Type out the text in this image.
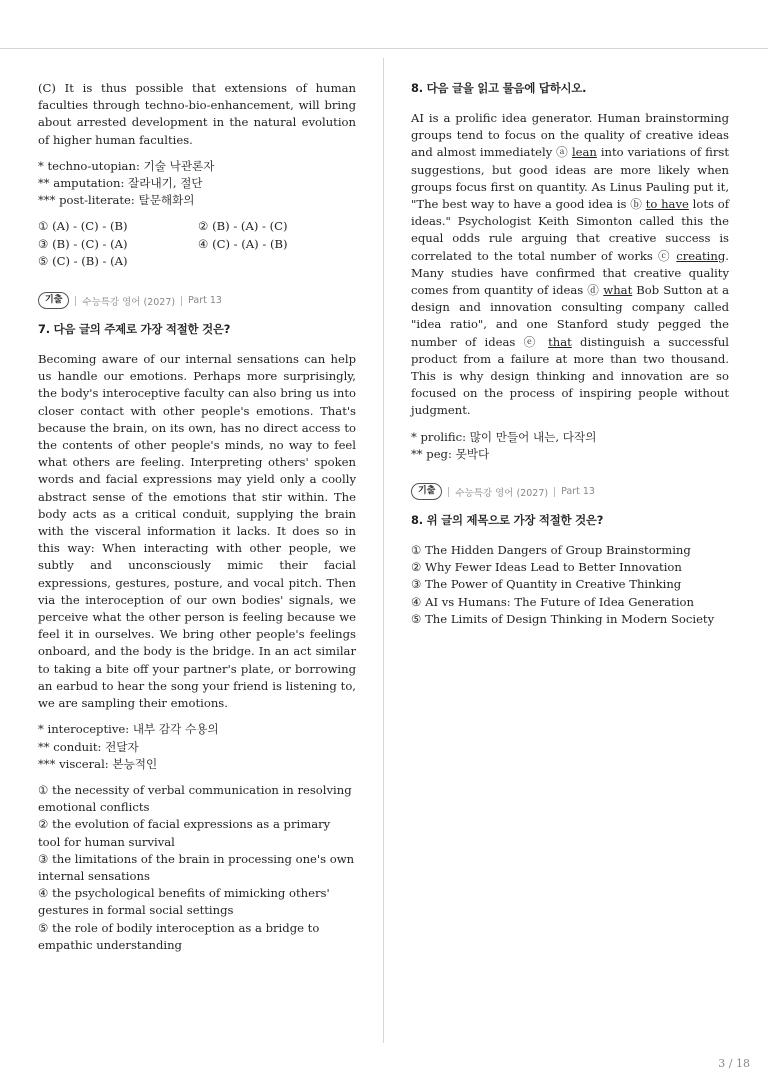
(C) It is thus possible that extensions of human faculties through techno-bio-enhancement, will bring about arrested development in the natural evolution of higher human faculties.

* techno-utopian: 기술 낙관론자
** amputation: 잘라내기, 절단
*** post-literate: 탈문해화의
① (A) - (C) - (B)	② (B) - (A) - (C)
③ (B) - (C) - (A)	④ (C) - (A) - (B)
⑤ (C) - (B) - (A)
기출	수능특강 영어 (2027) Part 13

7. 다음 글의 주제로 가장 적절한 것은?

Becoming aware of our internal sensations can help us handle our emotions. Perhaps more surprisingly, the body's interoceptive faculty can also bring us into closer contact with other people's emotions. That's because the brain, on its own, has no direct access to the contents of other people's minds, no way to feel what others are feeling. Interpreting others' spoken words and facial expressions may yield only a coolly abstract sense of the emotions that stir within. The body acts as a critical conduit, supplying the brain with the visceral information it lacks. It does so in this way: When interacting with other people, we subtly and unconsciously mimic their facial expressions, gestures, posture, and vocal pitch. Then via the interoception of our own bodies' signals, we perceive what the other person is feeling because we feel it in ourselves. We bring other people's feelings onboard, and the body is the bridge. In an act similar to taking a bite off your partner's plate, or borrowing an earbud to hear the song your friend is listening to, we are sampling their emotions.

* interoceptive: 내부 감각 수용의
** conduit: 전달자
*** visceral: 본능적인
① the necessity of verbal communication in resolving emotional conflicts
② the evolution of facial expressions as a primary tool for human survival
③ the limitations of the brain in processing one's own internal sensations
④ the psychological benefits of mimicking others' gestures in formal social settings
⑤ the role of bodily interoception as a bridge to empathic understanding

8. 다음 글을 읽고 물음에 답하시오.

AI is a prolific idea generator. Human brainstorming groups tend to focus on the quality of creative ideas and almost immediately ⓐ lean into variations of first suggestions, but good ideas are more likely when groups focus first on quantity. As Linus Pauling put it, "The best way to have a good idea is ⓑ to have lots of ideas." Psychologist Keith Simonton called this the equal odds rule arguing that creative success is correlated to the total number of works ⓒ creating. Many studies have confirmed that creative quality comes from quantity of ideas ⓓ what Bob Sutton at a design and innovation consulting company called "idea ratio", and one Stanford study pegged the number of ideas ⓔ that distinguish a successful product from a failure at more than two thousand. This is why design thinking and innovation are so focused on the process of inspiring people without judgment.

* prolific: 많이 만들어 내는, 다작의
** peg: 못박다
기출	수능특강 영어 (2027) Part 13

8. 위 글의 제목으로 가장 적절한 것은?

① The Hidden Dangers of Group Brainstorming
② Why Fewer Ideas Lead to Better Innovation
③ The Power of Quantity in Creative Thinking
④ AI vs Humans: The Future of Idea Generation
⑤ The Limits of Design Thinking in Modern Society
3 / 18
